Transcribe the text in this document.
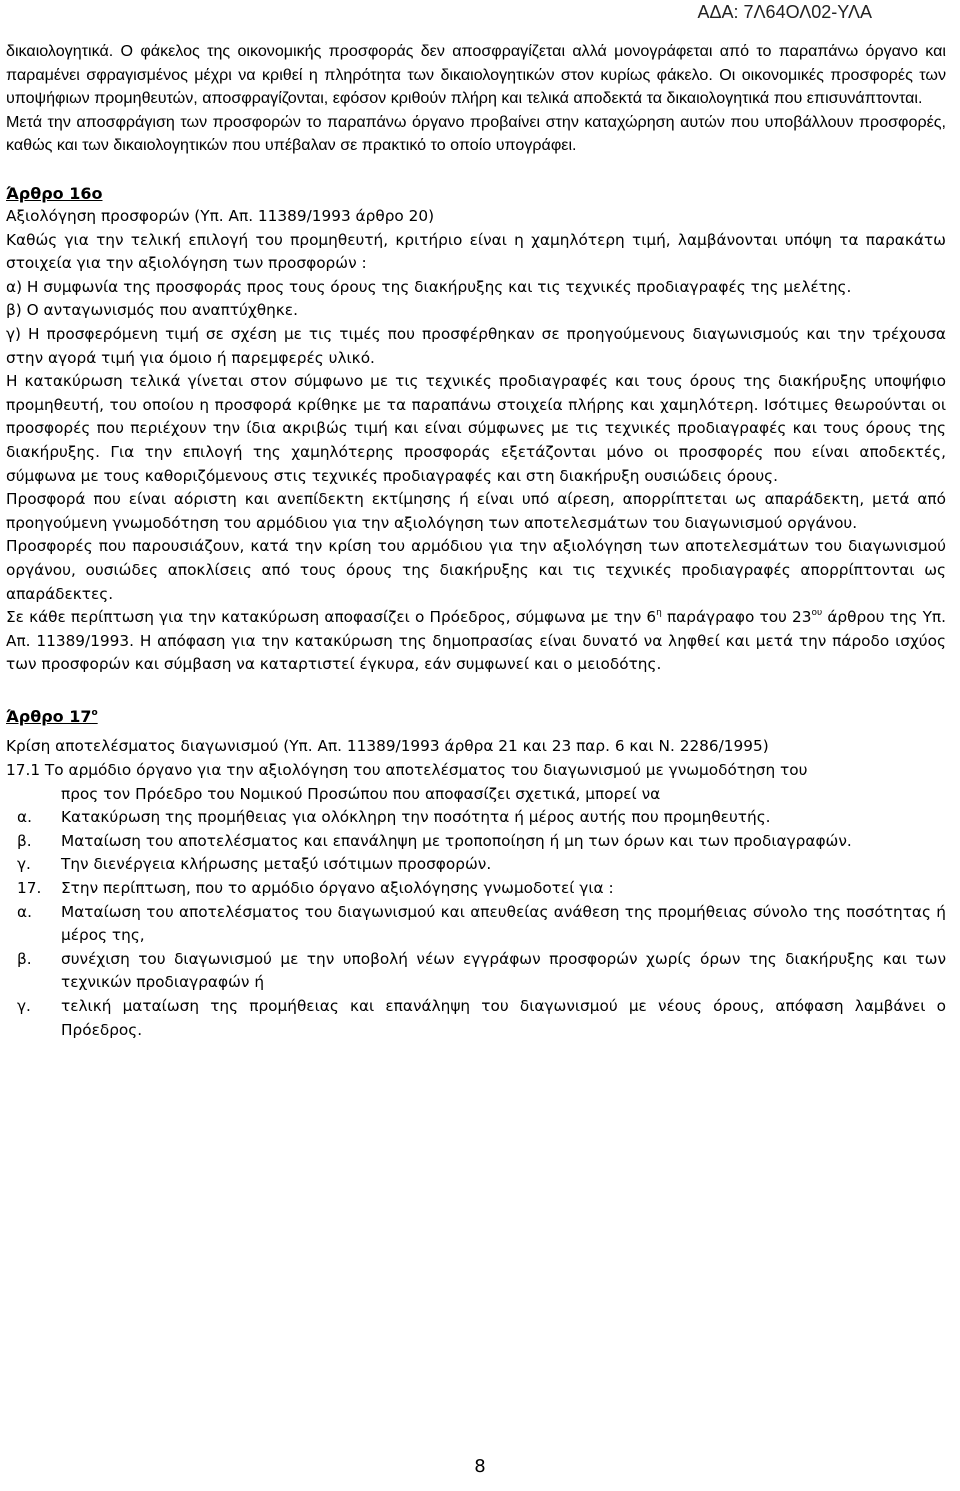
ΑΔΑ: 7Λ64ΟΛ02-ΥΛΑ

δικαιολογητικά. Ο φάκελος της οικονομικής προσφοράς δεν αποσφραγίζεται αλλά μονογράφεται από το παραπάνω όργανο και παραμένει σφραγισμένος μέχρι να κριθεί η πληρότητα των δικαιολογητικών στον κυρίως φάκελο. Οι οικονομικές προσφορές των υποψήφιων προμηθευτών, αποσφραγίζονται, εφόσον κριθούν πλήρη και τελικά αποδεκτά τα δικαιολογητικά που επισυνάπτονται.

Μετά την αποσφράγιση των προσφορών το παραπάνω όργανο προβαίνει στην καταχώρηση αυτών που υποβάλλουν προσφορές, καθώς και των δικαιολογητικών που υπέβαλαν σε πρακτικό το οποίο υπογράφει.

Άρθρο 16ο

Αξιολόγηση προσφορών (Υπ. Απ. 11389/1993 άρθρο 20)

Καθώς για την τελική επιλογή του προμηθευτή, κριτήριο είναι η χαμηλότερη τιμή, λαμβάνονται υπόψη τα παρακάτω στοιχεία για την αξιολόγηση των προσφορών :

α) Η συμφωνία της προσφοράς προς τους όρους της διακήρυξης και τις τεχνικές προδιαγραφές της μελέτης.

β) Ο ανταγωνισμός που αναπτύχθηκε.

γ) Η προσφερόμενη τιμή σε σχέση με τις τιμές που προσφέρθηκαν σε προηγούμενους διαγωνισμούς και την τρέχουσα στην αγορά τιμή για όμοιο ή παρεμφερές υλικό.

Η κατακύρωση τελικά γίνεται στον σύμφωνο με τις τεχνικές προδιαγραφές και τους όρους της διακήρυξης υποψήφιο προμηθευτή, του οποίου η προσφορά κρίθηκε με τα παραπάνω στοιχεία πλήρης και χαμηλότερη. Ισότιμες θεωρούνται οι προσφορές που περιέχουν την ίδια ακριβώς τιμή και είναι σύμφωνες με τις τεχνικές προδιαγραφές και τους όρους της διακήρυξης. Για την επιλογή της χαμηλότερης προσφοράς εξετάζονται μόνο οι προσφορές που είναι αποδεκτές, σύμφωνα με τους καθοριζόμενους στις τεχνικές προδιαγραφές και στη διακήρυξη ουσιώδεις όρους.

Προσφορά που είναι αόριστη και ανεπίδεκτη εκτίμησης ή είναι υπό αίρεση, απορρίπτεται ως απαράδεκτη, μετά από προηγούμενη γνωμοδότηση του αρμόδιου για την αξιολόγηση των αποτελεσμάτων του διαγωνισμού οργάνου.

Προσφορές που παρουσιάζουν, κατά την κρίση του αρμόδιου για την αξιολόγηση των αποτελεσμάτων του διαγωνισμού οργάνου, ουσιώδες αποκλίσεις από τους όρους της διακήρυξης και τις τεχνικές προδιαγραφές απορρίπτονται ως απαράδεκτες.

Σε κάθε περίπτωση για την κατακύρωση αποφασίζει ο Πρόεδρος, σύμφωνα με την $6^\eta$ παράγραφο του $23^{o\upsilon}$ άρθρου της Υπ. Απ. 11389/1993. Η απόφαση για την κατακύρωση της δημοπρασίας είναι δυνατό να ληφθεί και μετά την πάροδο ισχύος των προσφορών και σύμβαση να καταρτιστεί έγκυρα, εάν συμφωνεί και ο μειοδότης.

Άρθρο $17^o$

Κρίση αποτελέσματος διαγωνισμού (Υπ. Απ. 11389/1993 άρθρα 21 και 23 παρ. 6 και Ν. 2286/1995)

17.1 Το αρμόδιο όργανο για την αξιολόγηση του αποτελέσματος του διαγωνισμού με γνωμοδότηση του

προς τον Πρόεδρο του Νομικού Προσώπου που αποφασίζει σχετικά, μπορεί να

α.	Κατακύρωση της προμήθειας για ολόκληρη την ποσότητα ή μέρος αυτής που προμηθευτής.
β.	Ματαίωση του αποτελέσματος και επανάληψη με τροποποίηση ή μη των όρων και των προδιαγραφών.
γ.	Την διενέργεια κλήρωσης μεταξύ ισότιμων προσφορών.
17.	Στην περίπτωση, που το αρμόδιο όργανο αξιολόγησης γνωμοδοτεί για :
α.	Ματαίωση του αποτελέσματος του διαγωνισμού και απευθείας ανάθεση της προμήθειας σύνολο της ποσότητας ή μέρος της,
β.	συνέχιση του διαγωνισμού με την υποβολή νέων εγγράφων προσφορών χωρίς όρων της διακήρυξης και των τεχνικών προδιαγραφών ή
γ.	τελική ματαίωση της προμήθειας και επανάληψη του διαγωνισμού με νέους όρους, απόφαση λαμβάνει ο Πρόεδρος.
8
